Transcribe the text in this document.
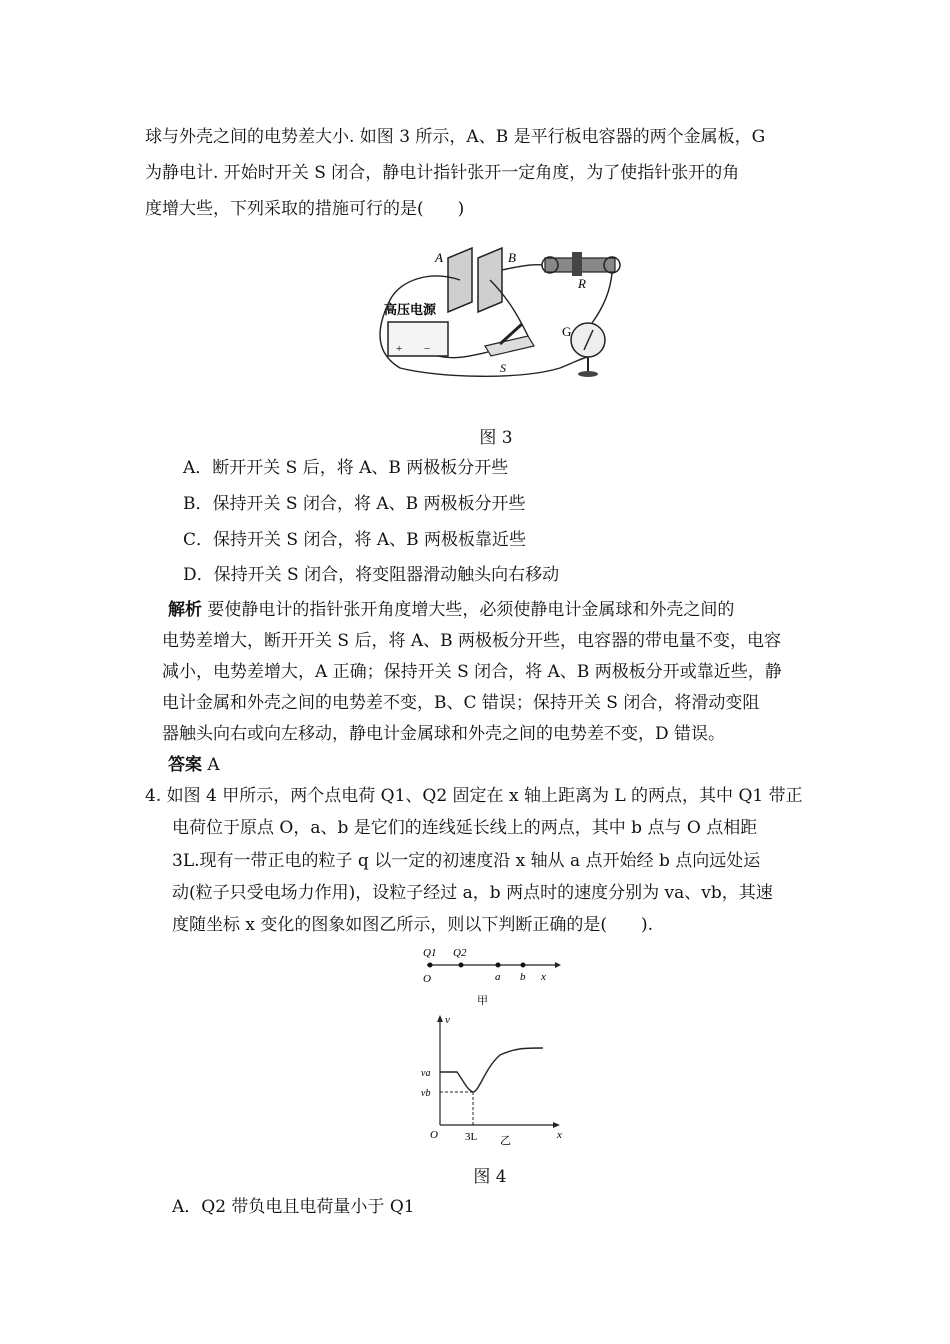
球与外壳之间的电势差大小. 如图 3 所示，A、B 是平行板电容器的两个金属板，G
为静电计. 开始时开关 S 闭合，静电计指针张开一定角度，为了使指针张开的角
度增大些，下列采取的措施可行的是(　　)
A	B
R
G
高压电源
+ −
S
图 3
A．断开开关 S 后，将 A、B 两极板分开些
B．保持开关 S 闭合，将 A、B 两极板分开些
C．保持开关 S 闭合，将 A、B 两极板靠近些
D．保持开关 S 闭合，将变阻器滑动触头向右移动
解析 要使静电计的指针张开角度增大些，必须使静电计金属球和外壳之间的
电势差增大，断开开关 S 后，将 A、B 两极板分开些，电容器的带电量不变，电容
减小，电势差增大，A 正确；保持开关 S 闭合，将 A、B 两极板分开或靠近些，静
电计金属和外壳之间的电势差不变，B、C 错误；保持开关 S 闭合，将滑动变阻
器触头向右或向左移动，静电计金属球和外壳之间的电势差不变，D 错误。
答案 A
4. 如图 4 甲所示，两个点电荷 Q1、Q2 固定在 x 轴上距离为 L 的两点，其中 Q1 带正
电荷位于原点 O，a、b 是它们的连线延长线上的两点，其中 b 点与 O 点相距
3L.现有一带正电的粒子 q 以一定的初速度沿 x 轴从 a 点开始经 b 点向远处运
动(粒子只受电场力作用)，设粒子经过 a，b 两点时的速度分别为 va、vb，其速
度随坐标 x 变化的图象如图乙所示，则以下判断正确的是(　　).
Q1 Q2
O	a b x
甲
v
va
vb
O 3L	x
乙
图 4
A．Q2 带负电且电荷量小于 Q1
